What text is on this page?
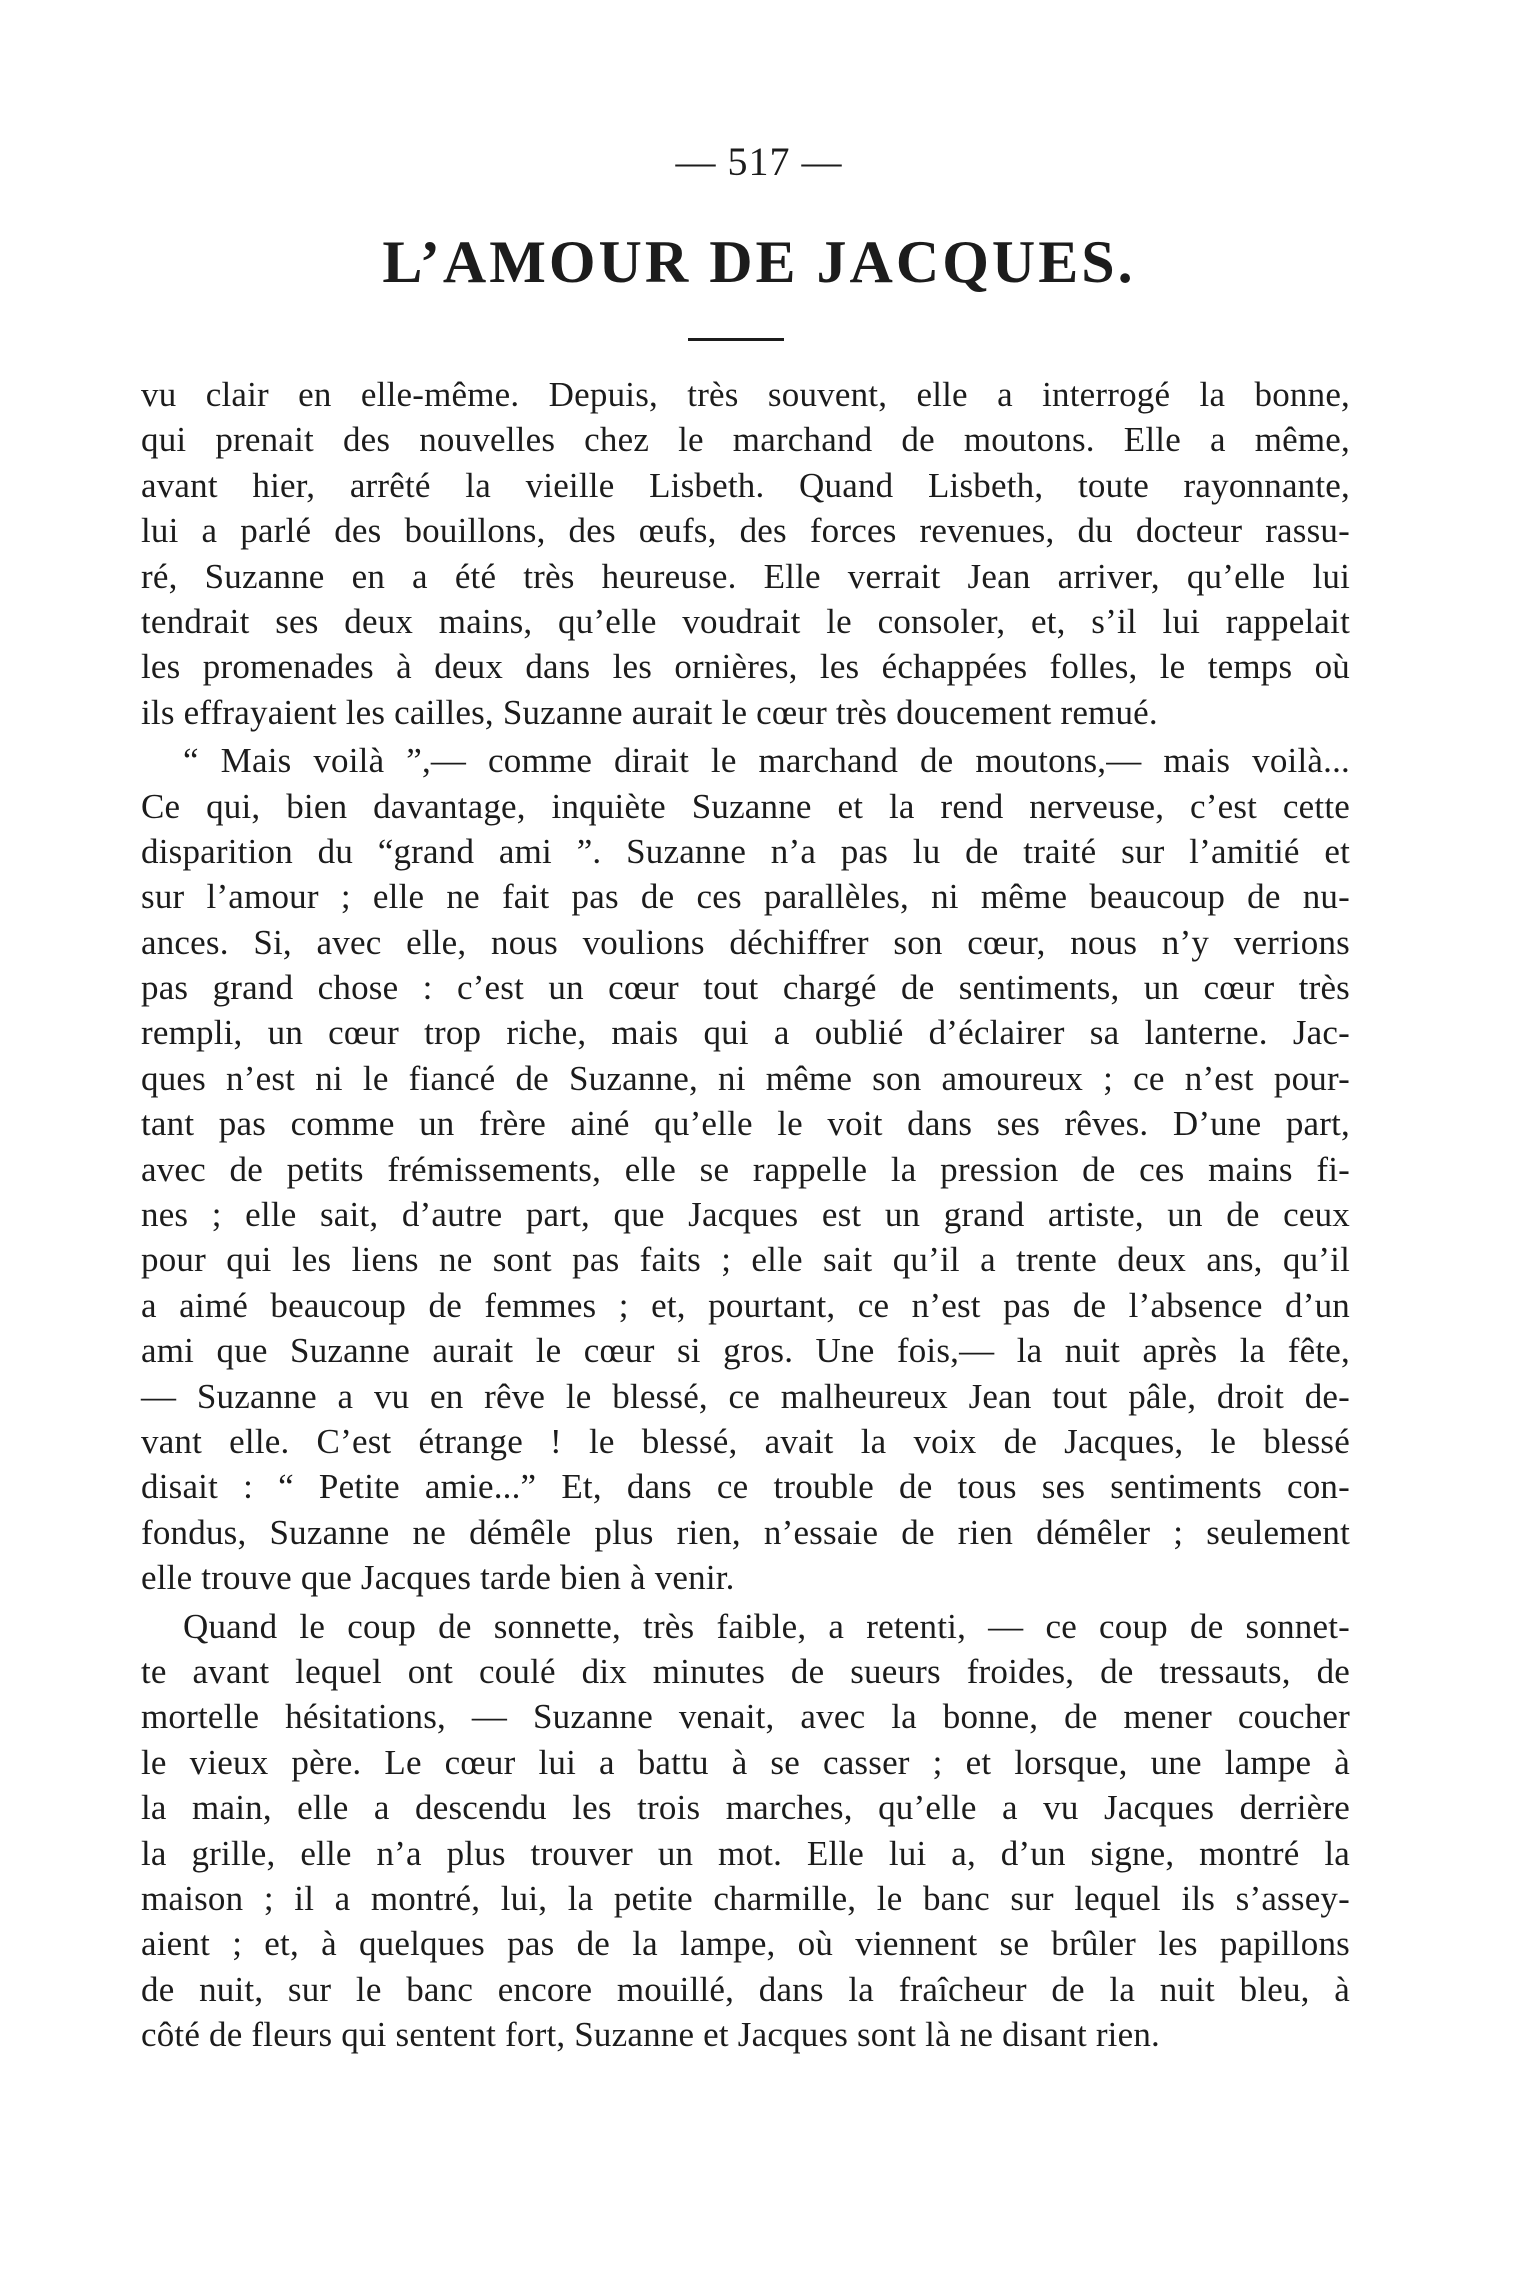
— 517 —
L’AMOUR DE JACQUES.
vu clair en elle-même. Depuis, très souvent, elle a interrogé la bonne,
qui prenait des nouvelles chez le marchand de moutons. Elle a même,
avant hier, arrêté la vieille Lisbeth. Quand Lisbeth, toute rayonnante,
lui a parlé des bouillons, des œufs, des forces revenues, du docteur rassu-
ré, Suzanne en a été très heureuse. Elle verrait Jean arriver, qu’elle lui
tendrait ses deux mains, qu’elle voudrait le consoler, et, s’il lui rappelait
les promenades à deux dans les ornières, les échappées folles, le temps où
ils effrayaient les cailles, Suzanne aurait le cœur très doucement remué.
“ Mais voilà ”,— comme dirait le marchand de moutons,— mais voilà...
Ce qui, bien davantage, inquiète Suzanne et la rend nerveuse, c’est cette
disparition du “grand ami ”. Suzanne n’a pas lu de traité sur l’amitié et
sur l’amour ; elle ne fait pas de ces parallèles, ni même beaucoup de nu-
ances. Si, avec elle, nous voulions déchiffrer son cœur, nous n’y verrions
pas grand chose : c’est un cœur tout chargé de sentiments, un cœur très
rempli, un cœur trop riche, mais qui a oublié d’éclairer sa lanterne. Jac-
ques n’est ni le fiancé de Suzanne, ni même son amoureux ; ce n’est pour-
tant pas comme un frère ainé qu’elle le voit dans ses rêves. D’une part,
avec de petits frémissements, elle se rappelle la pression de ces mains fi-
nes ; elle sait, d’autre part, que Jacques est un grand artiste, un de ceux
pour qui les liens ne sont pas faits ; elle sait qu’il a trente deux ans, qu’il
a aimé beaucoup de femmes ; et, pourtant, ce n’est pas de l’absence d’un
ami que Suzanne aurait le cœur si gros. Une fois,— la nuit après la fête,
— Suzanne a vu en rêve le blessé, ce malheureux Jean tout pâle, droit de-
vant elle. C’est étrange ! le blessé, avait la voix de Jacques, le blessé
disait : “ Petite amie...” Et, dans ce trouble de tous ses sentiments con-
fondus, Suzanne ne démêle plus rien, n’essaie de rien démêler ; seulement
elle trouve que Jacques tarde bien à venir.
Quand le coup de sonnette, très faible, a retenti, — ce coup de sonnet-
te avant lequel ont coulé dix minutes de sueurs froides, de tressauts, de
mortelle hésitations, — Suzanne venait, avec la bonne, de mener coucher
le vieux père. Le cœur lui a battu à se casser ; et lorsque, une lampe à
la main, elle a descendu les trois marches, qu’elle a vu Jacques derrière
la grille, elle n’a plus trouver un mot. Elle lui a, d’un signe, montré la
maison ; il a montré, lui, la petite charmille, le banc sur lequel ils s’assey-
aient ; et, à quelques pas de la lampe, où viennent se brûler les papillons
de nuit, sur le banc encore mouillé, dans la fraîcheur de la nuit bleu, à
côté de fleurs qui sentent fort, Suzanne et Jacques sont là ne disant rien.
